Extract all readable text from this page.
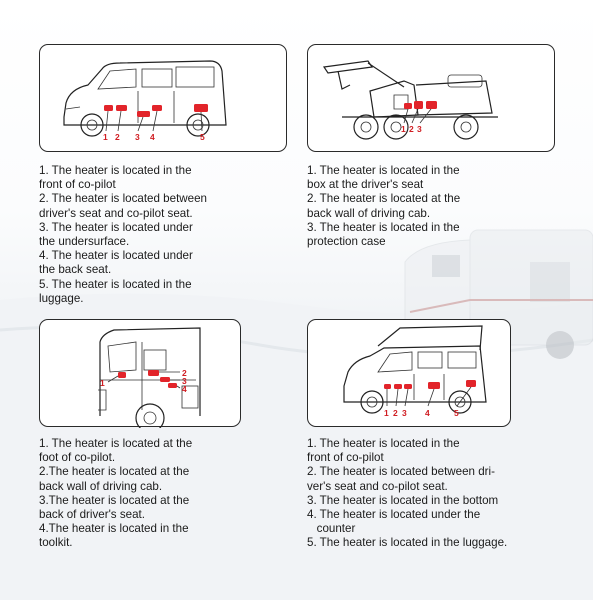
1 2 3 4	5
1 2 3
1
2
3
4
1 2 3 4	5
1. The heater is located in the
front of co-pilot
2. The heater is located between
driver's seat and co-pilot seat.
3. The heater is located under
the undersurface.
4. The heater is located under
the back seat.
5. The heater is located in the
luggage.
1. The heater is located in the
box at the driver's seat
2. The heater is located at the
back wall of driving cab.
3. The heater is located in the
protection case
1. The heater is located at the
foot of co-pilot.
2.The heater is located at the
back wall of driving cab.
3.The heater is located at the
back of driver's seat.
4.The heater is located in the
toolkit.
1. The heater is located in the
front of co-pilot
2. The heater is located between dri-
ver's seat and co-pilot seat.
3. The heater is located in the bottom
4. The heater is located under the
counter
5. The heater is located in the luggage.
